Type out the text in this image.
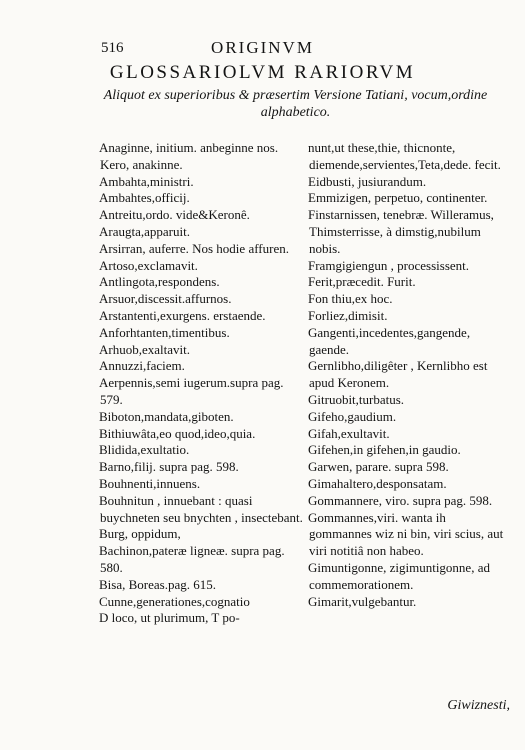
516	ORIGINVM
GLOSSARIOLVM RARIORVM
Aliquot ex superioribus & præsertim Versione Tatiani, vocum,ordine alphabetico.
Anaginne, initium. anbeginne nos. Kero, anakinne.
Ambahta,ministri.
Ambahtes,officij.
Antreitu,ordo. vide&Keronê.
Araugta,apparuit.
Arsirran, auferre. Nos hodie affuren.
Artoso,exclamavit.
Antlingota,respondens.
Arsuor,discessit.affurnos.
Arstantenti,exurgens. erstaende.
Anforhtanten,timentibus.
Arhuob,exaltavit.
Annuzzi,faciem.
Aerpennis,semi iugerum.supra pag. 579.
Biboton,mandata,giboten.
Bithiuwâta,eo quod,ideo,quia.
Blidida,exultatio.
Barno,filij. supra pag. 598.
Bouhnenti,innuens.
Bouhnitun , innuebant : quasi buychneten seu bnychten , insectebant.
Burg, oppidum,
Bachinon,pateræ ligneæ. supra pag. 580.
Bisa, Boreas.pag. 615.
Cunne,generationes,cognatio
D loco, ut plurimum, T po-
nunt,ut these,thie, thicnonte, diemende,servientes,Teta,dede. fecit.
Eidbusti, jusiurandum.
Emmizigen, perpetuo, continenter.
Finstarnissen, tenebræ. Willeramus, Thimsterrisse, à dimstig,nubilum nobis.
Framgigiengun , processissent.
Ferit,præcedit. Furit.
Fon thiu,ex hoc.
Forliez,dimisit.
Gangenti,incedentes,gangende, gaende.
Gernlibho,diligêter , Kernlibho est apud Keronem.
Gitruobit,turbatus.
Gifeho,gaudium.
Gifah,exultavit.
Gifehen,in gifehen,in gaudio.
Garwen, parare. supra 598.
Gimahaltero,desponsatam.
Gommannere, viro. supra pag. 598.
Gommannes,viri. wanta ih gommannes wiz ni bin, viri scius, aut viri notitiâ non habeo.
Gimuntigonne, zigimuntigonne, ad commemorationem.
Gimarit,vulgebantur.
Giwiznesti,
